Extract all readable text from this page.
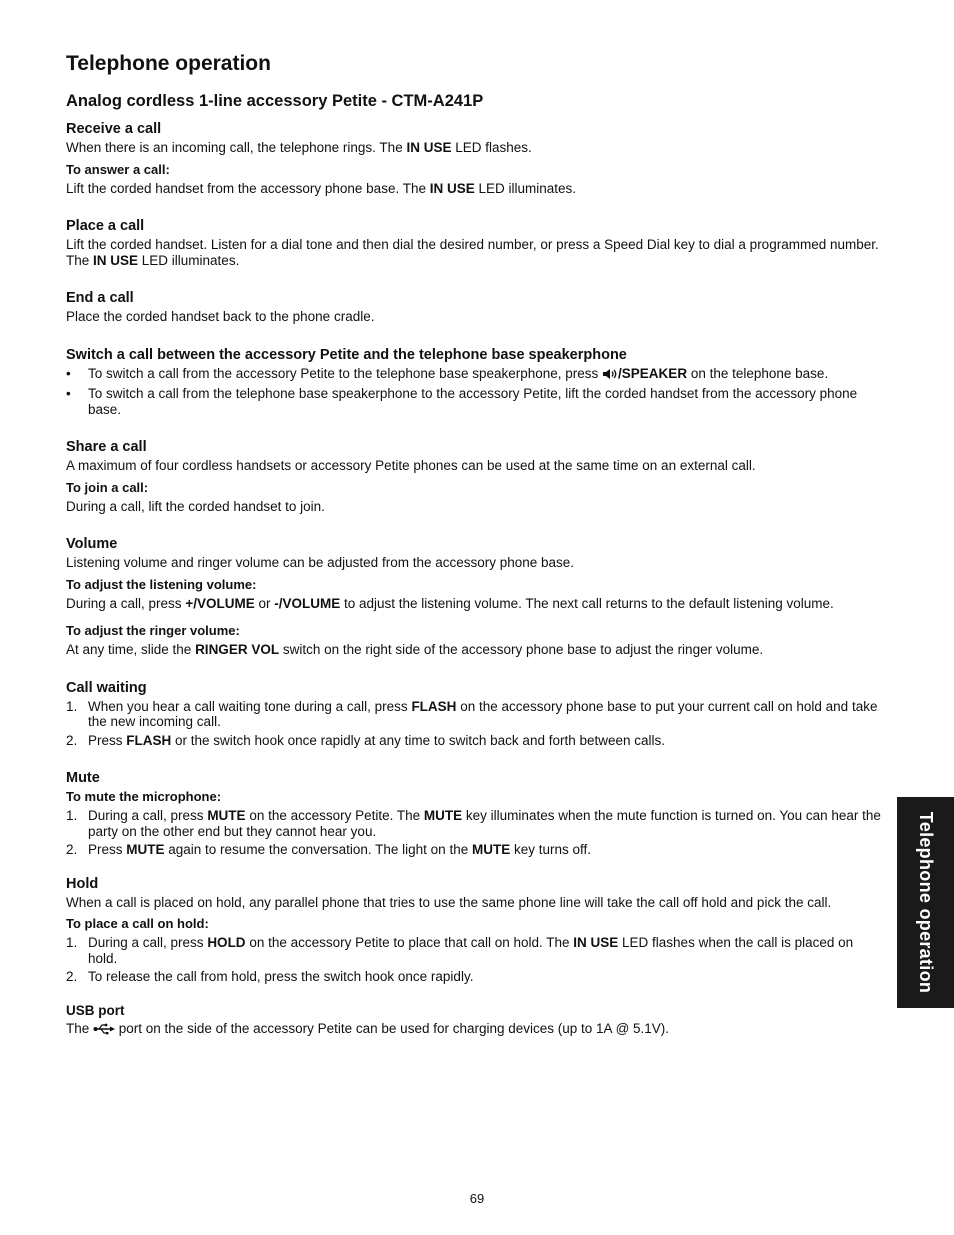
Telephone operation
Analog cordless 1-line accessory Petite - CTM-A241P
Receive a call

When there is an incoming call, the telephone rings. The IN USE LED flashes.

To answer a call:

Lift the corded handset from the accessory phone base. The IN USE LED illuminates.

Place a call

Lift the corded handset. Listen for a dial tone and then dial the desired number, or press a Speed Dial key to dial a programmed number. The IN USE LED illuminates.

End a call

Place the corded handset back to the phone cradle.

Switch a call between the accessory Petite and the telephone base speakerphone
• To switch a call from the accessory Petite to the telephone base speakerphone, press /SPEAKER on the telephone base.
• To switch a call from the telephone base speakerphone to the accessory Petite, lift the corded handset from the accessory phone base.
Share a call

A maximum of four cordless handsets or accessory Petite phones can be used at the same time on an external call.

To join a call:

During a call, lift the corded handset to join.

Volume

Listening volume and ringer volume can be adjusted from the accessory phone base.

To adjust the listening volume:

During a call, press +/VOLUME or -/VOLUME to adjust the listening volume. The next call returns to the default listening volume.

To adjust the ringer volume:

At any time, slide the RINGER VOL switch on the right side of the accessory phone base to adjust the ringer volume.

Call waiting
1. When you hear a call waiting tone during a call, press FLASH on the accessory phone base to put your current call on hold and take the new incoming call.
2. Press FLASH or the switch hook once rapidly at any time to switch back and forth between calls.
Mute
To mute the microphone:
1. During a call, press MUTE on the accessory Petite. The MUTE key illuminates when the mute function is turned on. You can hear the party on the other end but they cannot hear you.
2. Press MUTE again to resume the conversation. The light on the MUTE key turns off.
Hold

When a call is placed on hold, any parallel phone that tries to use the same phone line will take the call off hold and pick the call.

To place a call on hold:
1. During a call, press HOLD on the accessory Petite to place that call on hold. The IN USE LED flashes when the call is placed on hold.
2. To release the call from hold, press the switch hook once rapidly.
USB port

The  port on the side of the accessory Petite can be used for charging devices (up to 1A @ 5.1V).

Telephone operation
69
